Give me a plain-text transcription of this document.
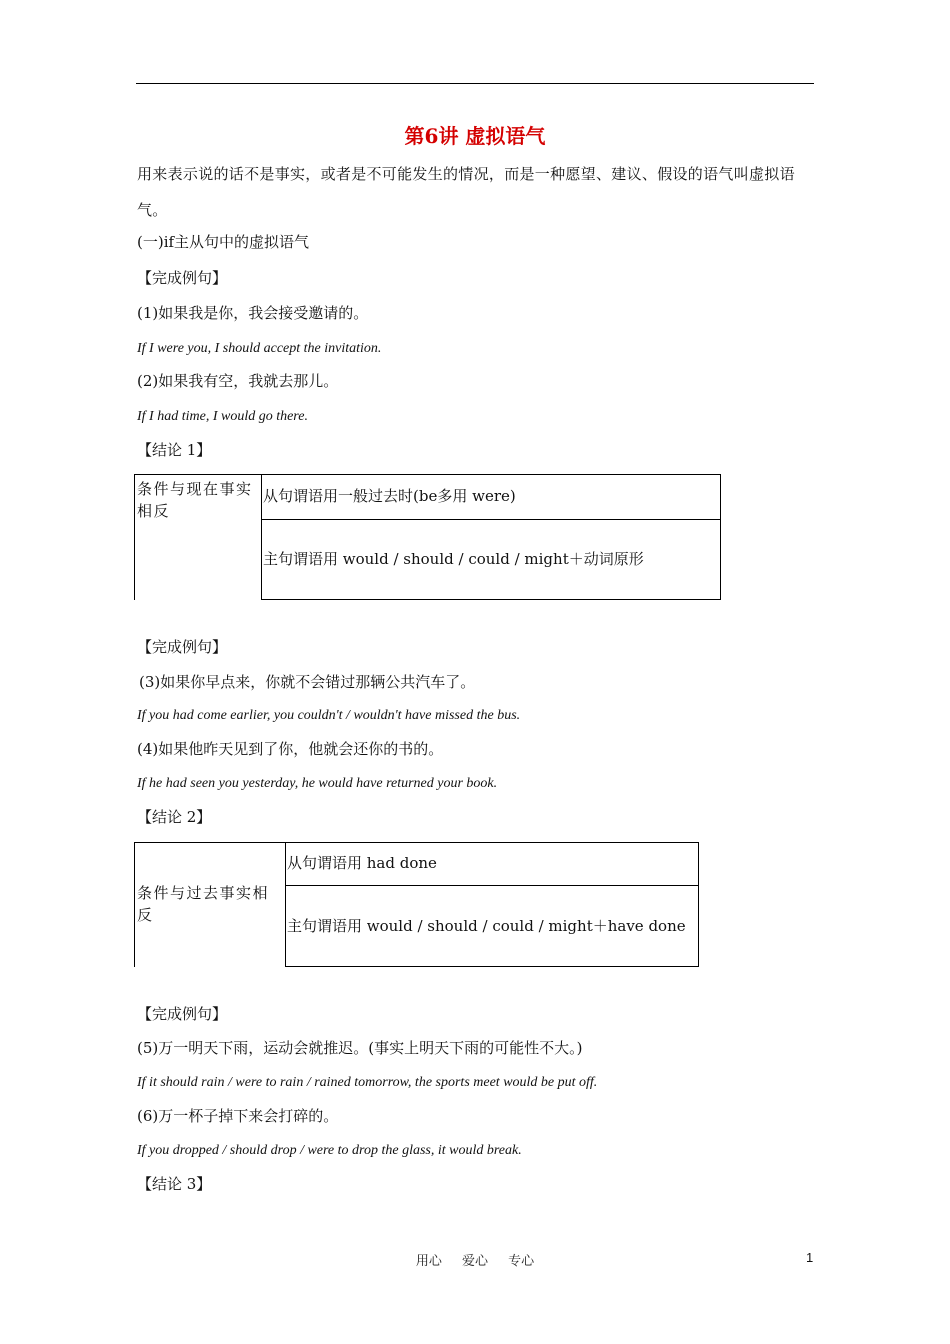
第6讲 虚拟语气
用来表示说的话不是事实，或者是不可能发生的情况，而是一种愿望、建议、假设的语气叫虚拟语气。
(一)if主从句中的虚拟语气
【完成例句】
(1)如果我是你，我会接受邀请的。
If I were you, I should accept the invitation.
(2)如果我有空，我就去那儿。
If I had time, I would go there.
【结论 1】
条件与现在事实相反
从句谓语用一般过去时(be多用 were)
主句谓语用 would / should / could / might＋动词原形
【完成例句】
(3)如果你早点来，你就不会错过那辆公共汽车了。
If you had come earlier, you couldn't / wouldn't have missed the bus.
(4)如果他昨天见到了你，他就会还你的书的。
If he had seen you yesterday, he would have returned your book.
【结论 2】
条件与过去事实相反
从句谓语用 had done
主句谓语用 would / should / could / might＋have done
【完成例句】
(5)万一明天下雨，运动会就推迟。(事实上明天下雨的可能性不大。)
If it should rain / were to rain / rained tomorrow, the sports meet would be put off.
(6)万一杯子掉下来会打碎的。
If you dropped / should drop / were to drop the glass, it would break.
【结论 3】
用心 爱心 专心	1
